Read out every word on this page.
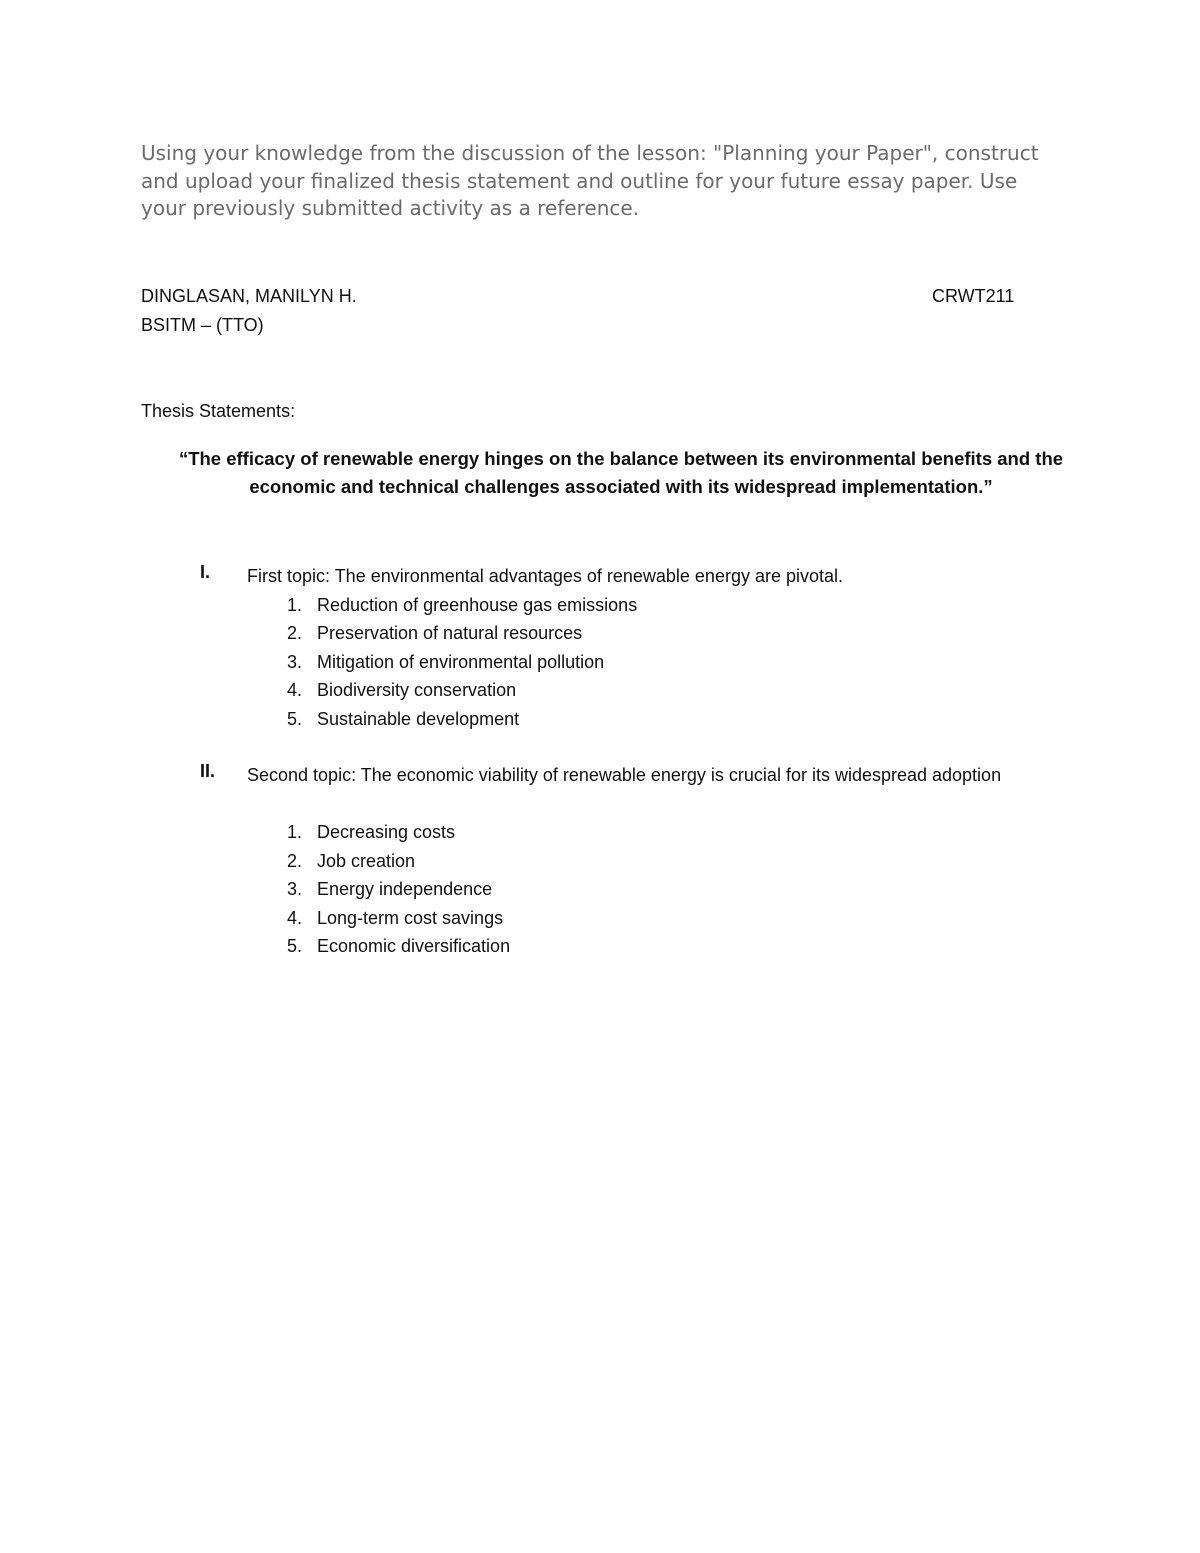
Using your knowledge from the discussion of the lesson: "Planning your Paper", construct and upload your finalized thesis statement and outline for your future essay paper. Use your previously submitted activity as a reference.
DINGLASAN, MANILYN H.	CRWT211
BSITM – (TTO)
Thesis Statements:
“The efficacy of renewable energy hinges on the balance between its environmental benefits and the economic and technical challenges associated with its widespread implementation.”
I. First topic: The environmental advantages of renewable energy are pivotal.
1. Reduction of greenhouse gas emissions
2. Preservation of natural resources
3. Mitigation of environmental pollution
4. Biodiversity conservation
5. Sustainable development
II. Second topic: The economic viability of renewable energy is crucial for its widespread adoption
1. Decreasing costs
2. Job creation
3. Energy independence
4. Long-term cost savings
5. Economic diversification
